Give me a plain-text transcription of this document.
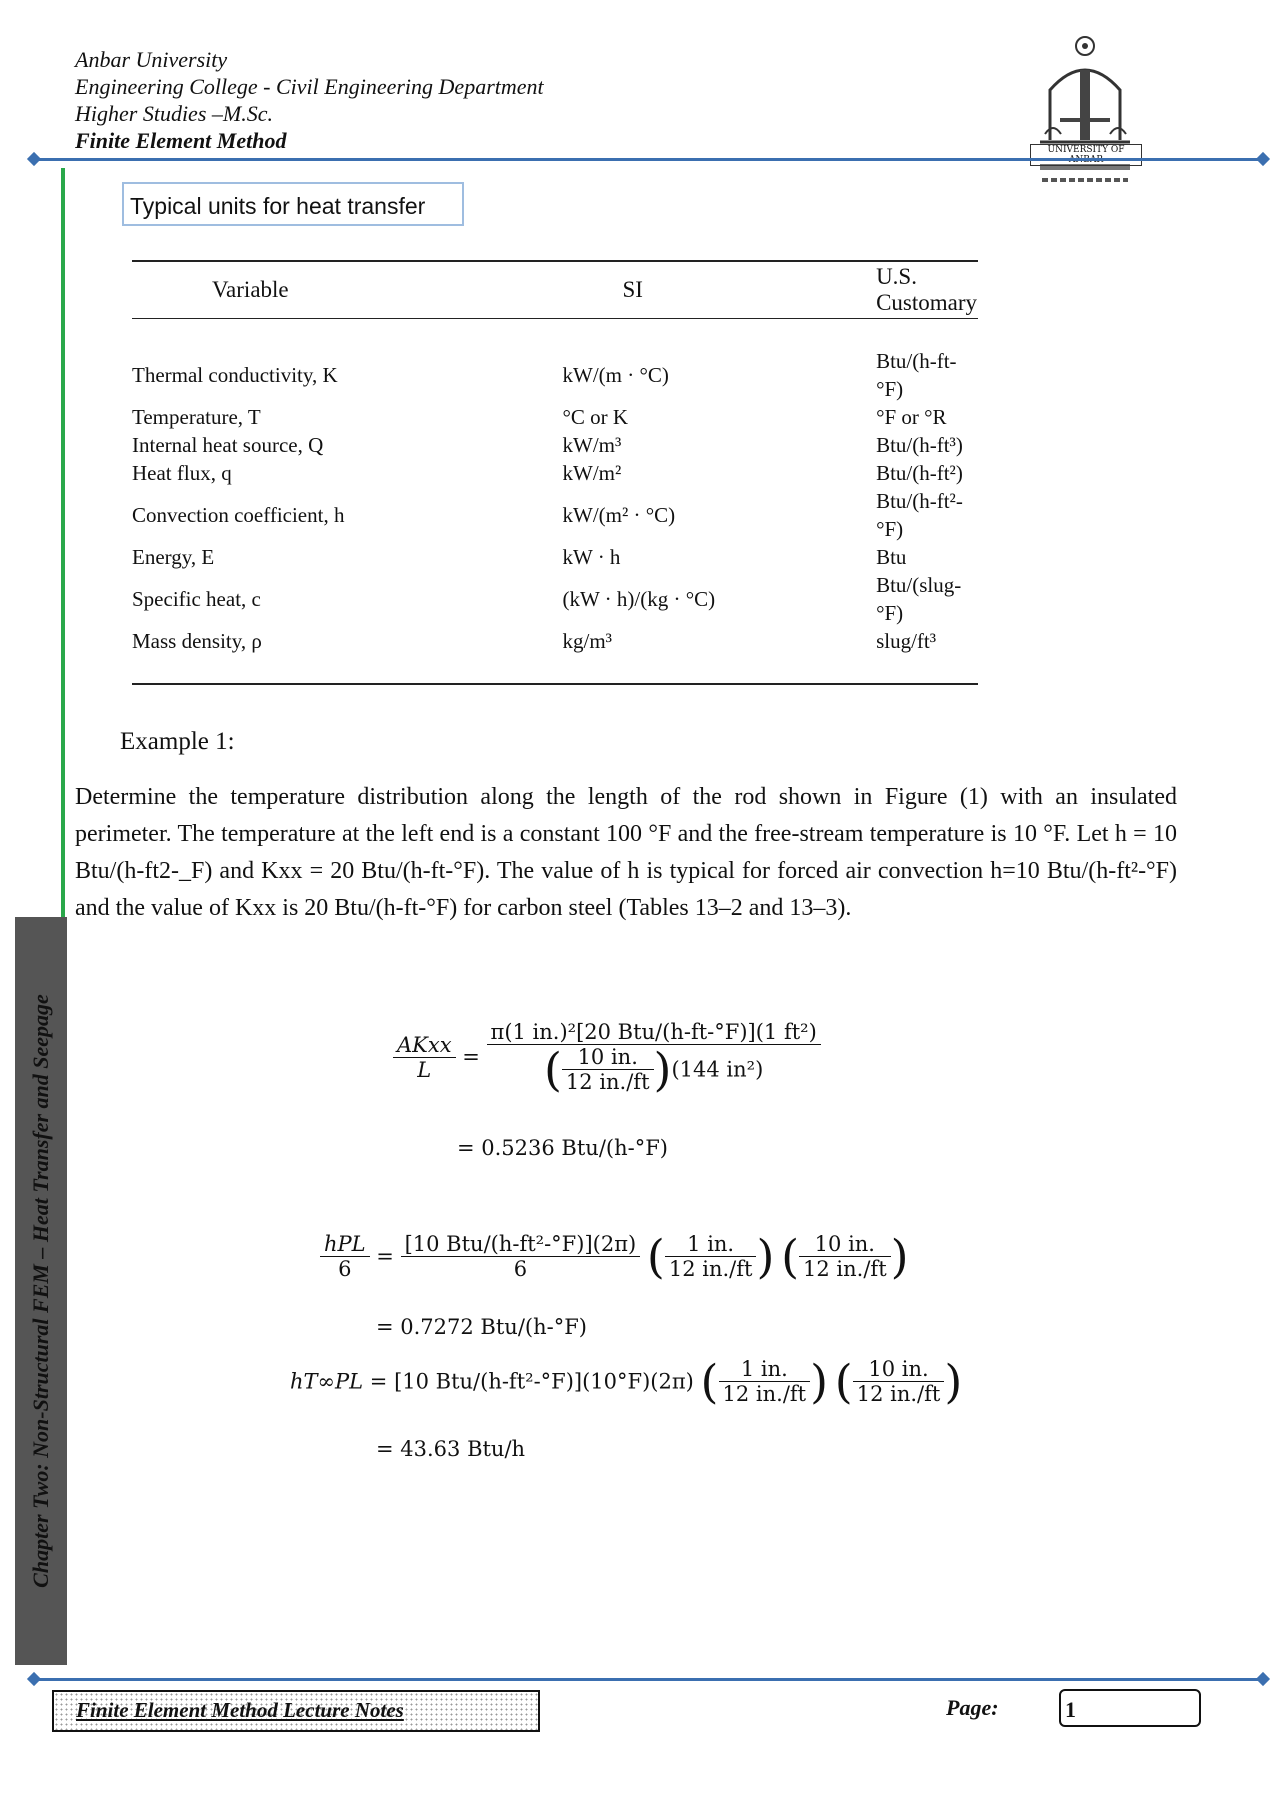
Anbar University
Engineering College - Civil Engineering Department
Higher Studies –M.Sc.
Finite Element Method	UNIVERSITY OF
Chapter Two: Non-Structural FEM – Heat Transfer and Seepage
Typical units for heat transfer
Variable	SI	U.S. Customary

Thermal conductivity, K	kW/(m · °C)	Btu/(h-ft-°F)
Temperature, T	°C or K	°F or °R
Internal heat source, Q	kW/m³	Btu/(h-ft³)
Heat flux, q	kW/m²	Btu/(h-ft²)
Convection coefficient, h	kW/(m² · °C)	Btu/(h-ft²-°F)
Energy, E	kW · h	Btu
Specific heat, c	(kW · h)/(kg · °C)	Btu/(slug-°F)
Mass density, ρ	kg/m³	slug/ft³

Example 1:
Determine the temperature distribution along the length of the rod shown in Figure (1) with an insulated perimeter. The temperature at the left end is a constant 100 °F and the free-stream temperature is 10 °F. Let h = 10 Btu/(h-ft2-_F) and Kxx = 20 Btu/(h-ft-°F). The value of h is typical for forced air convection h=10 Btu/(h-ft²-°F) and the value of Kxx is 20 Btu/(h-ft-°F) for carbon steel (Tables 13–2 and 13–3).
$\frac{\text{AKxx}}{L} = \frac{\text{π(1 in.)²[20 Btu/(h-ft-°F)](1 ft²)}}{( \frac{10 in.}{12 in./ft} )(144 in^2)}$
= 0.5236 Btu/(h-°F)
$\frac{\text{hPL}}{6} = \frac{\text{[10 Btu/(h-ft²-°F)](2π)}}{6}$ ( $\frac{1 in.}{12 in./ft}$ ) ( $\frac{10 in.}{12 in./ft}$ )
= 0.7272 Btu/(h-°F)
hT∞PL = [10 Btu/(h-ft²-°F)](10°F)(2π) ( $\frac{1 in.}{12 in./ft}$ ) ( $\frac{10 in.}{12 in./ft}$ )
= 43.63 Btu/h
Finite Element Method Lecture Notes	Page:	1
